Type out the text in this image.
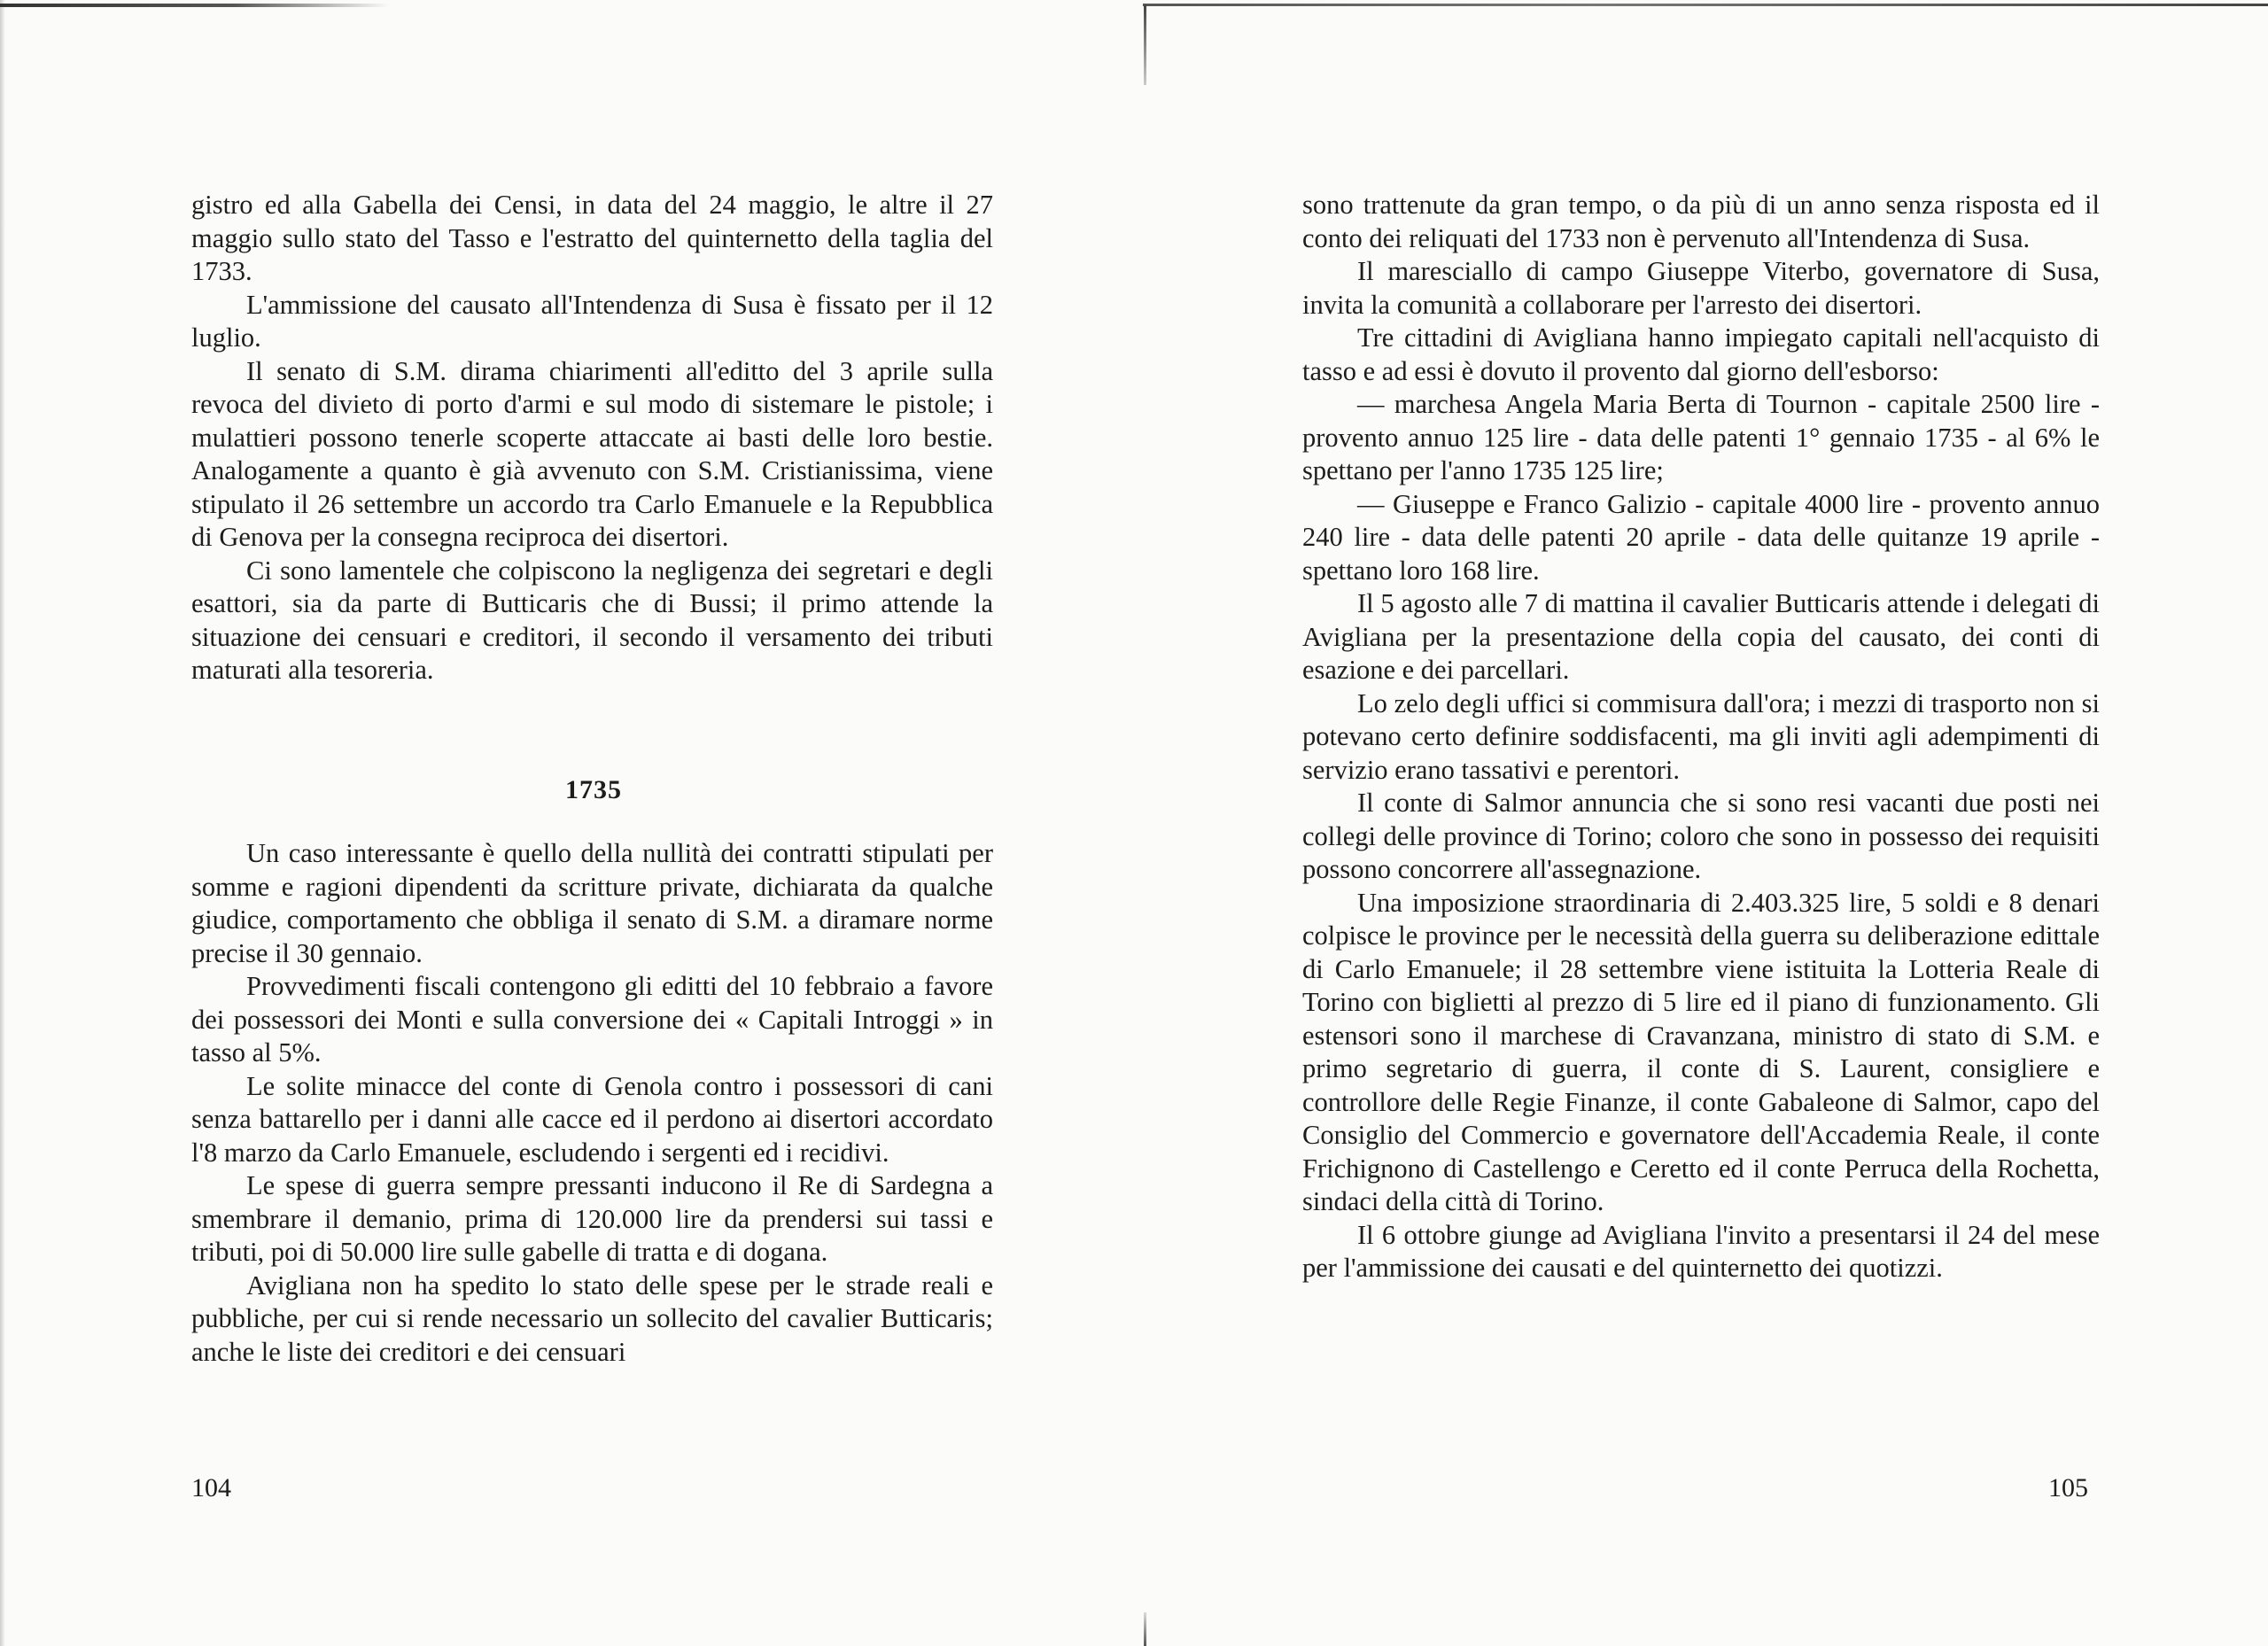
gistro ed alla Gabella dei Censi, in data del 24 maggio, le altre il 27 maggio sullo stato del Tasso e l'estratto del quinternetto della taglia del 1733.

L'ammissione del causato all'Intendenza di Susa è fissato per il 12 luglio.

Il senato di S.M. dirama chiarimenti all'editto del 3 aprile sulla revoca del divieto di porto d'armi e sul modo di sistemare le pistole; i mulattieri possono tenerle scoperte attaccate ai basti delle loro bestie. Analogamente a quanto è già avvenuto con S.M. Cristianissima, viene stipulato il 26 settembre un accordo tra Carlo Emanuele e la Repubblica di Genova per la consegna reciproca dei disertori.

Ci sono lamentele che colpiscono la negligenza dei segretari e degli esattori, sia da parte di Butticaris che di Bussi; il primo attende la situazione dei censuari e creditori, il secondo il versamento dei tributi maturati alla tesoreria.

1735

Un caso interessante è quello della nullità dei contratti stipulati per somme e ragioni dipendenti da scritture private, dichiarata da qualche giudice, comportamento che obbliga il senato di S.M. a diramare norme precise il 30 gennaio.

Provvedimenti fiscali contengono gli editti del 10 febbraio a favore dei possessori dei Monti e sulla conversione dei « Capitali Introggi » in tasso al 5%.

Le solite minacce del conte di Genola contro i possessori di cani senza battarello per i danni alle cacce ed il perdono ai disertori accordato l'8 marzo da Carlo Emanuele, escludendo i sergenti ed i recidivi.

Le spese di guerra sempre pressanti inducono il Re di Sardegna a smembrare il demanio, prima di 120.000 lire da prendersi sui tassi e tributi, poi di 50.000 lire sulle gabelle di tratta e di dogana.

Avigliana non ha spedito lo stato delle spese per le strade reali e pubbliche, per cui si rende necessario un sollecito del cavalier Butticaris; anche le liste dei creditori e dei censuari

104

sono trattenute da gran tempo, o da più di un anno senza risposta ed il conto dei reliquati del 1733 non è pervenuto all'Intendenza di Susa.

Il maresciallo di campo Giuseppe Viterbo, governatore di Susa, invita la comunità a collaborare per l'arresto dei disertori.

Tre cittadini di Avigliana hanno impiegato capitali nell'acquisto di tasso e ad essi è dovuto il provento dal giorno dell'esborso:

— marchesa Angela Maria Berta di Tournon - capitale 2500 lire - provento annuo 125 lire - data delle patenti 1° gennaio 1735 - al 6% le spettano per l'anno 1735 125 lire;

— Giuseppe e Franco Galizio - capitale 4000 lire - provento annuo 240 lire - data delle patenti 20 aprile - data delle quitanze 19 aprile - spettano loro 168 lire.

Il 5 agosto alle 7 di mattina il cavalier Butticaris attende i delegati di Avigliana per la presentazione della copia del causato, dei conti di esazione e dei parcellari.

Lo zelo degli uffici si commisura dall'ora; i mezzi di trasporto non si potevano certo definire soddisfacenti, ma gli inviti agli adempimenti di servizio erano tassativi e perentori.

Il conte di Salmor annuncia che si sono resi vacanti due posti nei collegi delle province di Torino; coloro che sono in possesso dei requisiti possono concorrere all'assegnazione.

Una imposizione straordinaria di 2.403.325 lire, 5 soldi e 8 denari colpisce le province per le necessità della guerra su deliberazione edittale di Carlo Emanuele; il 28 settembre viene istituita la Lotteria Reale di Torino con biglietti al prezzo di 5 lire ed il piano di funzionamento. Gli estensori sono il marchese di Cravanzana, ministro di stato di S.M. e primo segretario di guerra, il conte di S. Laurent, consigliere e controllore delle Regie Finanze, il conte Gabaleone di Salmor, capo del Consiglio del Commercio e governatore dell'Accademia Reale, il conte Frichignono di Castellengo e Ceretto ed il conte Perruca della Rochetta, sindaci della città di Torino.

Il 6 ottobre giunge ad Avigliana l'invito a presentarsi il 24 del mese per l'ammissione dei causati e del quinternetto dei quotizzi.

105
